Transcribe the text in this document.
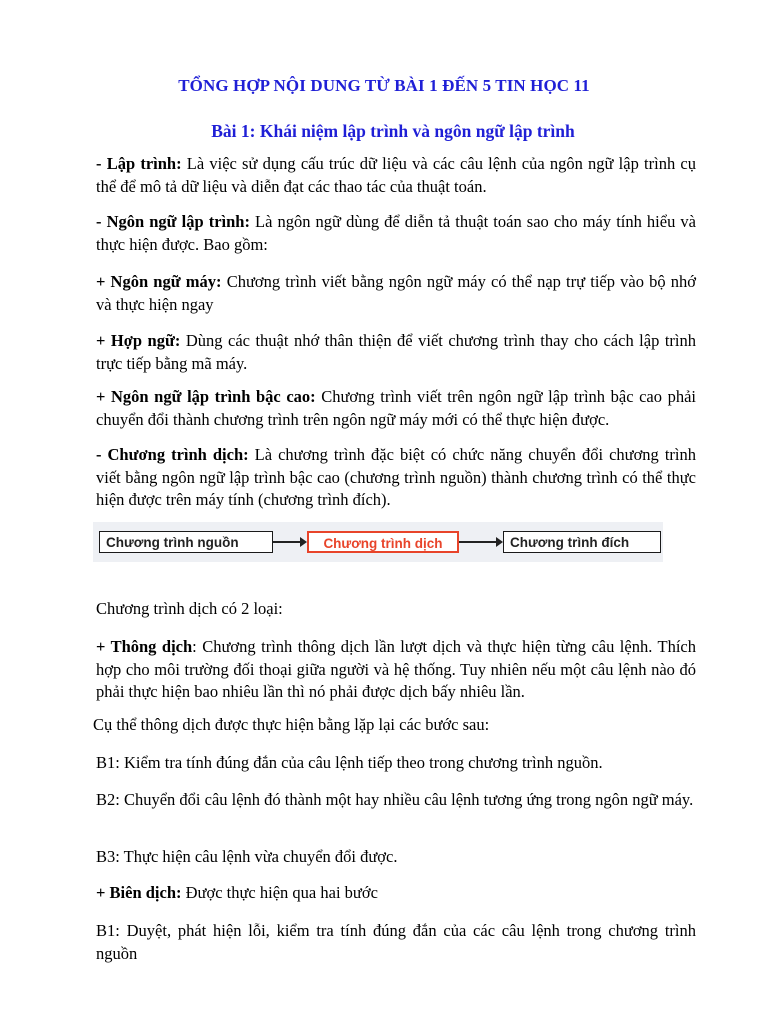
TỔNG HỢP NỘI DUNG TỪ BÀI 1 ĐẾN 5 TIN HỌC 11
Bài 1: Khái niệm lập trình và ngôn ngữ lập trình

- Lập trình: Là việc sử dụng cấu trúc dữ liệu và các câu lệnh của ngôn ngữ lập trình cụ thể để mô tả dữ liệu và diễn đạt các thao tác của thuật toán.

- Ngôn ngữ lập trình: Là ngôn ngữ dùng để diễn tả thuật toán sao cho máy tính hiểu và thực hiện được. Bao gồm:

+ Ngôn ngữ máy: Chương trình viết bằng ngôn ngữ máy có thể nạp trự tiếp vào bộ nhớ và thực hiện ngay

+ Hợp ngữ: Dùng các thuật nhớ thân thiện để viết chương trình thay cho cách lập trình trực tiếp bằng mã máy.

+ Ngôn ngữ lập trình bậc cao: Chương trình viết trên ngôn ngữ lập trình bậc cao phải chuyển đổi thành chương trình trên ngôn ngữ máy mới có thể thực hiện được.

- Chương trình dịch: Là chương trình đặc biệt có chức năng chuyển đổi chương trình viết bằng ngôn ngữ lập trình bậc cao (chương trình nguồn) thành chương trình có thể thực hiện được trên máy tính (chương trình đích).

Chương trình nguồn	Chương trình dịch	Chương trình đích

Chương trình dịch có 2 loại:

+ Thông dịch: Chương trình thông dịch lần lượt dịch và thực hiện từng câu lệnh. Thích hợp cho môi trường đối thoại giữa người và hệ thống. Tuy nhiên nếu một câu lệnh nào đó phải thực hiện bao nhiêu lần thì nó phải được dịch bấy nhiêu lần.

Cụ thể thông dịch được thực hiện bằng lặp lại các bước sau:

B1: Kiểm tra tính đúng đắn của câu lệnh tiếp theo trong chương trình nguồn.

B2: Chuyển đổi câu lệnh đó thành một hay nhiều câu lệnh tương ứng trong ngôn ngữ máy.

B3: Thực hiện câu lệnh vừa chuyển đổi được.

+ Biên dịch: Được thực hiện qua hai bước

B1: Duyệt, phát hiện lỗi, kiểm tra tính đúng đắn của các câu lệnh trong chương trình nguồn
